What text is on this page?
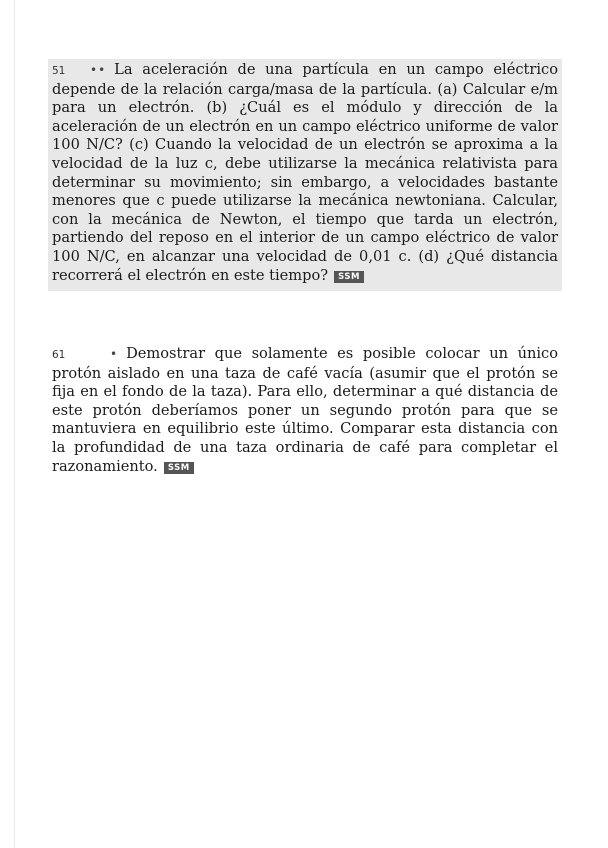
51 •• La aceleración de una partícula en un campo eléctrico depende de la relación carga/masa de la partícula. (a) Calcular e/m para un electrón. (b) ¿Cuál es el módulo y dirección de la aceleración de un electrón en un campo eléctrico uniforme de valor 100 N/C? (c) Cuando la velocidad de un electrón se aproxima a la velocidad de la luz c, debe utilizarse la mecánica relativista para determinar su movimiento; sin embargo, a velocidades bastante menores que c puede utilizarse la mecánica newtoniana. Calcular, con la mecánica de Newton, el tiempo que tarda un electrón, partiendo del reposo en el interior de un campo eléctrico de valor 100 N/C, en alcanzar una velocidad de 0,01 c. (d) ¿Qué distancia recorrerá el electrón en este tiempo? SSM
61	• Demostrar que solamente es posible colocar un único protón aislado en una taza de café vacía (asumir que el protón se fija en el fondo de la taza). Para ello, determinar a qué distancia de este protón deberíamos poner un segundo protón para que se mantuviera en equilibrio este último. Comparar esta distancia con la profundidad de una taza ordinaria de café para completar el razonamiento. SSM
